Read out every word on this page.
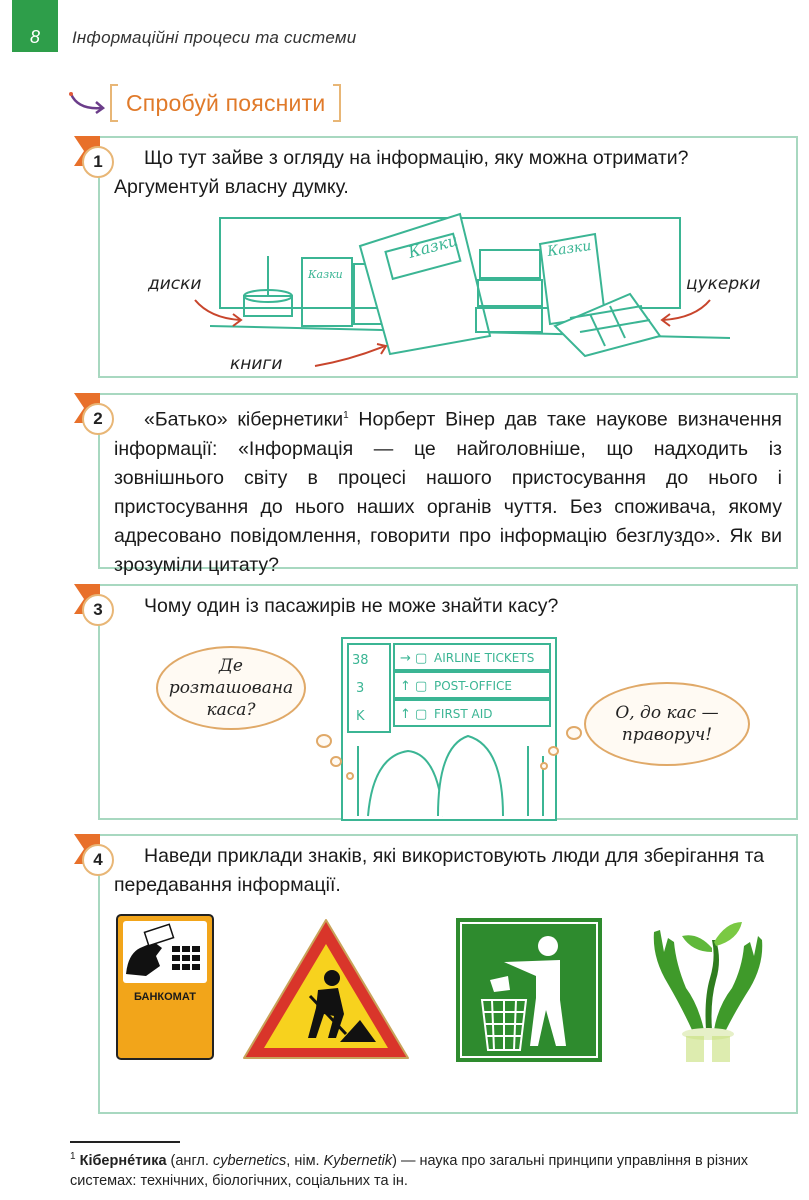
8	Інформаційні процеси та системи
Спробуй пояснити
1	Що тут зайве з огляду на інформацію, яку можна отримати? Аргументуй власну думку.
Казки	Казки
Казки
диски
книги
цукерки
2	«Батько» кібернетики$^1$ Норберт Вінер дав таке наукове визначення інформації: «Інформація — це найголовніше, що надходить із зовнішнього світу в процесі нашого пристосування до нього і пристосування до нього наших органів чуття. Без споживача, якому адресовано повідомлення, говорити про інформацію безглуздо». Як ви зрозуміли цитату?
3	Чому один із пасажирів не може знайти касу?
38
3
K
→ ▢
↑ ▢
↑ ▢
AIRLINE TICKETS
POST-OFFICE
FIRST AID
Де розташована каса?	О, до кас — праворуч!
4	Наведи приклади знаків, які використовують люди для зберігання та передавання інформації.
БАНКОМАТ
$^1$ Кібернéтика (англ. cybernetics, нім. Kybernetik) — наука про загальні принципи управління в різних системах: технічних, біологічних, соціальних та ін.
